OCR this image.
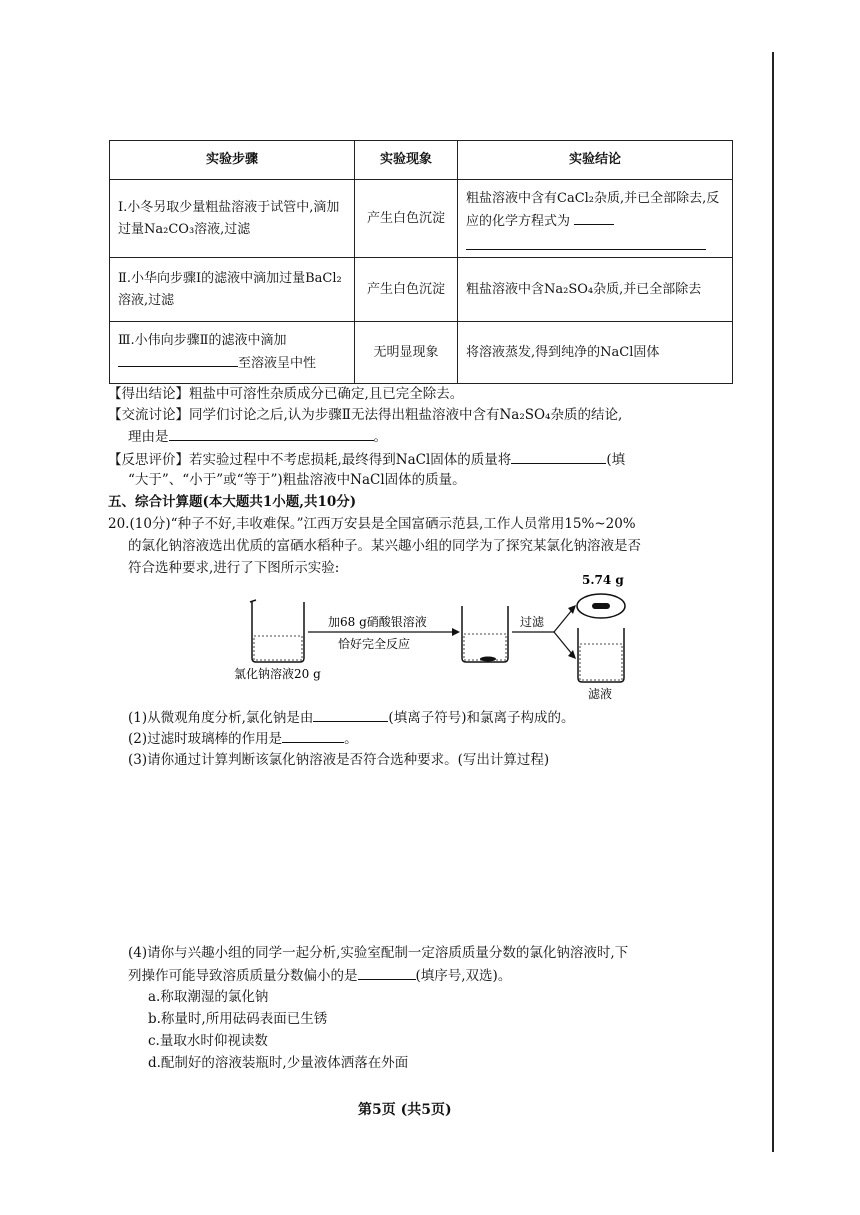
实验步骤	实验现象	实验结论
Ⅰ.小冬另取少量粗盐溶液于试管中,滴加过量Na₂CO₃溶液,过滤	产生白色沉淀	粗盐溶液中含有CaCl₂杂质,并已全部除去,反应的化学方程式为

Ⅱ.小华向步骤Ⅰ的滤液中滴加过量BaCl₂溶液,过滤	产生白色沉淀	粗盐溶液中含Na₂SO₄杂质,并已全部除去
Ⅲ.小伟向步骤Ⅱ的滤液中滴加
至溶液呈中性	无明显现象	将溶液蒸发,得到纯净的NaCl固体
【得出结论】粗盐中可溶性杂质成分已确定,且已完全除去。
【交流讨论】同学们讨论之后,认为步骤Ⅱ无法得出粗盐溶液中含有Na₂SO₄杂质的结论,
理由是	。
【反思评价】若实验过程中不考虑损耗,最终得到NaCl固体的质量将	(填
“大于”、“小于”或“等于”)粗盐溶液中NaCl固体的质量。
五、综合计算题(本大题共1小题,共10分)
20.(10分)“种子不好,丰收难保。”江西万安县是全国富硒示范县,工作人员常用15%~20%
的氯化钠溶液选出优质的富硒水稻种子。某兴趣小组的同学为了探究某氯化钠溶液是否
符合选种要求,进行了下图所示实验:
氯化钠溶液20 g
加68 g硝酸银溶液
恰好完全反应
过滤
5.74 g
滤液
(1)从微观角度分析,氯化钠是由	(填离子符号)和氯离子构成的。
(2)过滤时玻璃棒的作用是	。
(3)请你通过计算判断该氯化钠溶液是否符合选种要求。(写出计算过程)
(4)请你与兴趣小组的同学一起分析,实验室配制一定溶质质量分数的氯化钠溶液时,下
列操作可能导致溶质质量分数偏小的是	(填序号,双选)。
a.称取潮湿的氯化钠
b.称量时,所用砝码表面已生锈
c.量取水时仰视读数
d.配制好的溶液装瓶时,少量液体洒落在外面
第5页 (共5页)
